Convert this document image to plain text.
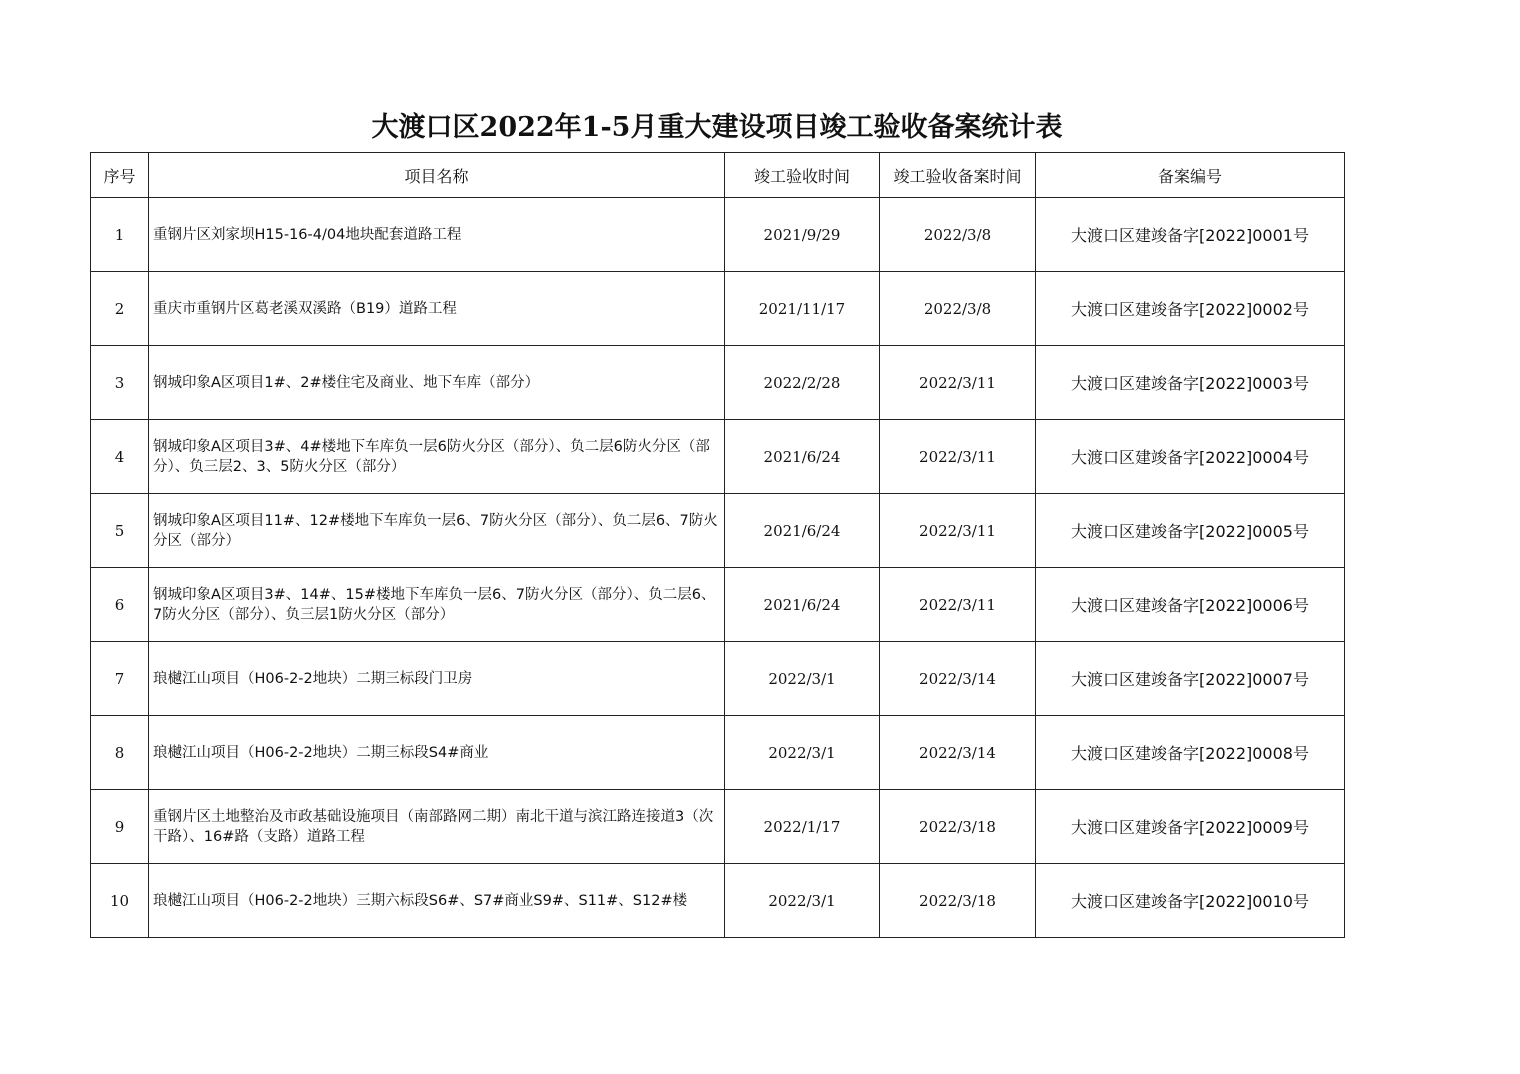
大渡口区2022年1-5月重大建设项目竣工验收备案统计表
序号	项目名称	竣工验收时间	竣工验收备案时间	备案编号
1	重钢片区刘家坝H15-16-4/04地块配套道路工程	2021/9/29	2022/3/8	大渡口区建竣备字[2022]0001号
2	重庆市重钢片区葛老溪双溪路（B19）道路工程	2021/11/17	2022/3/8	大渡口区建竣备字[2022]0002号
3	钢城印象A区项目1#、2#楼住宅及商业、地下车库（部分）	2022/2/28	2022/3/11	大渡口区建竣备字[2022]0003号
4	钢城印象A区项目3#、4#楼地下车库负一层6防火分区（部分）、负二层6防火分区（部分）、负三层2、3、5防火分区（部分）	2021/6/24	2022/3/11	大渡口区建竣备字[2022]0004号
5	钢城印象A区项目11#、12#楼地下车库负一层6、7防火分区（部分）、负二层6、7防火分区（部分）	2021/6/24	2022/3/11	大渡口区建竣备字[2022]0005号
6	钢城印象A区项目3#、14#、15#楼地下车库负一层6、7防火分区（部分）、负二层6、7防火分区（部分）、负三层1防火分区（部分）	2021/6/24	2022/3/11	大渡口区建竣备字[2022]0006号
7	琅樾江山项目（H06-2-2地块）二期三标段门卫房	2022/3/1	2022/3/14	大渡口区建竣备字[2022]0007号
8	琅樾江山项目（H06-2-2地块）二期三标段S4#商业	2022/3/1	2022/3/14	大渡口区建竣备字[2022]0008号
9	重钢片区土地整治及市政基础设施项目（南部路网二期）南北干道与滨江路连接道3（次干路）、16#路（支路）道路工程	2022/1/17	2022/3/18	大渡口区建竣备字[2022]0009号
10	琅樾江山项目（H06-2-2地块）三期六标段S6#、S7#商业S9#、S11#、S12#楼	2022/3/1	2022/3/18	大渡口区建竣备字[2022]0010号
